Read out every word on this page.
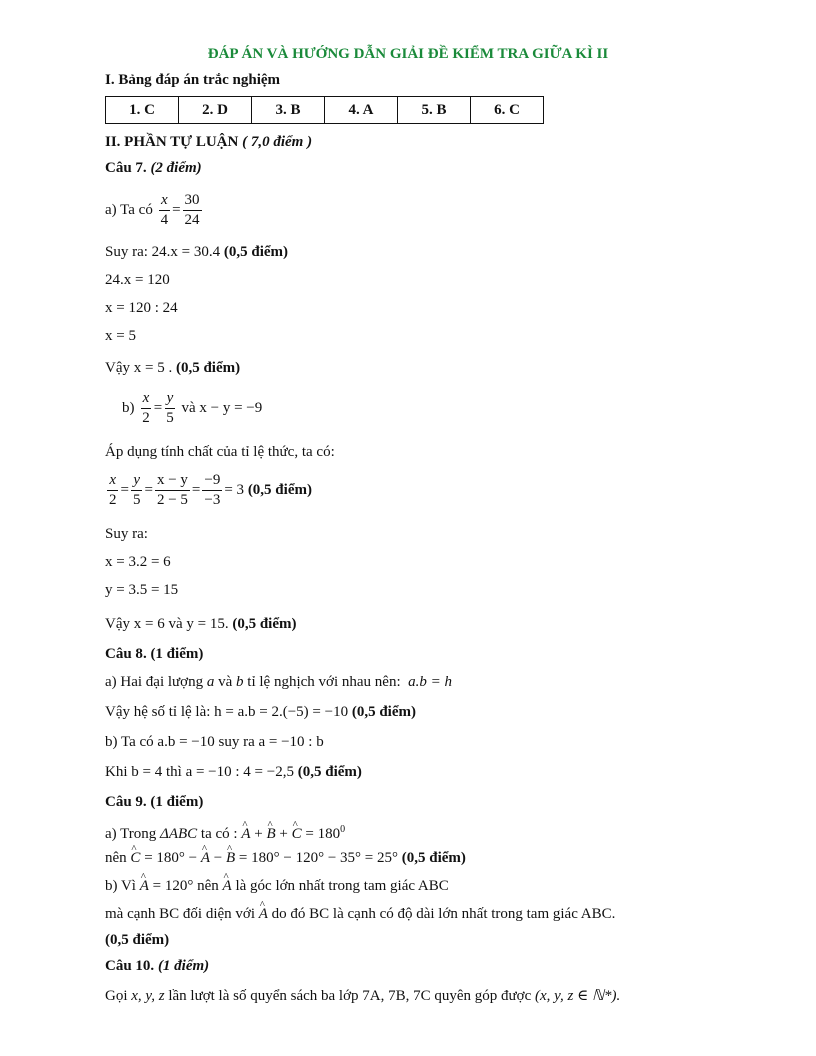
ĐÁP ÁN VÀ HƯỚNG DẪN GIẢI ĐỀ KIỂM TRA GIỮA KÌ II
I. Bảng đáp án trắc nghiệm
1. C	2. D	3. B	4. A	5. B	6. C
II. PHẦN TỰ LUẬN ( 7,0 điểm )
Câu 7. (2 điểm)
a) Ta có $\frac{x}{4} = \frac{30}{24}$
Suy ra: 24.x = 30.4 (0,5 điểm)
24.x = 120
x = 120 : 24
x = 5
Vậy x = 5 . (0,5 điểm)
$b) \frac{x}{2} = \frac{y}{5}$ và x − y = −9
Áp dụng tính chất của tỉ lệ thức, ta có:
$\frac{x}{2} = \frac{y}{5} = \frac{x - y}{2 - 5} = \frac{-9}{-3} = 3$ (0,5 điểm)
Suy ra:
x = 3.2 = 6
y = 3.5 = 15
Vậy x = 6 và y = 15. (0,5 điểm)
Câu 8. (1 điểm)
a) Hai đại lượng a và b tỉ lệ nghịch với nhau nên: a.b = h
Vậy hệ số tỉ lệ là: h = a.b = 2.(−5) = −10 (0,5 điểm)
b) Ta có a.b = −10 suy ra a = −10 : b
Khi b = 4 thì a = −10 : 4 = −2,5 (0,5 điểm)
Câu 9. (1 điểm)
a) Trong ΔABC ta có : ^ A + ^ B + ^ $C = 180^0$
nên ^ C = 180° − ^ A − ^ B = 180° − 120° − 35° = 25° (0,5 điểm)
b) Vì ^ A = 120° nên ^ A là góc lớn nhất trong tam giác ABC
mà cạnh BC đối diện với ^ A do đó BC là cạnh có độ dài lớn nhất trong tam giác ABC.
(0,5 điểm)
Câu 10. (1 điểm)
Gọi x, y, z lần lượt là số quyển sách ba lớp 7A, 7B, 7C quyên góp được (x, y, z ∈ ℕ*).
